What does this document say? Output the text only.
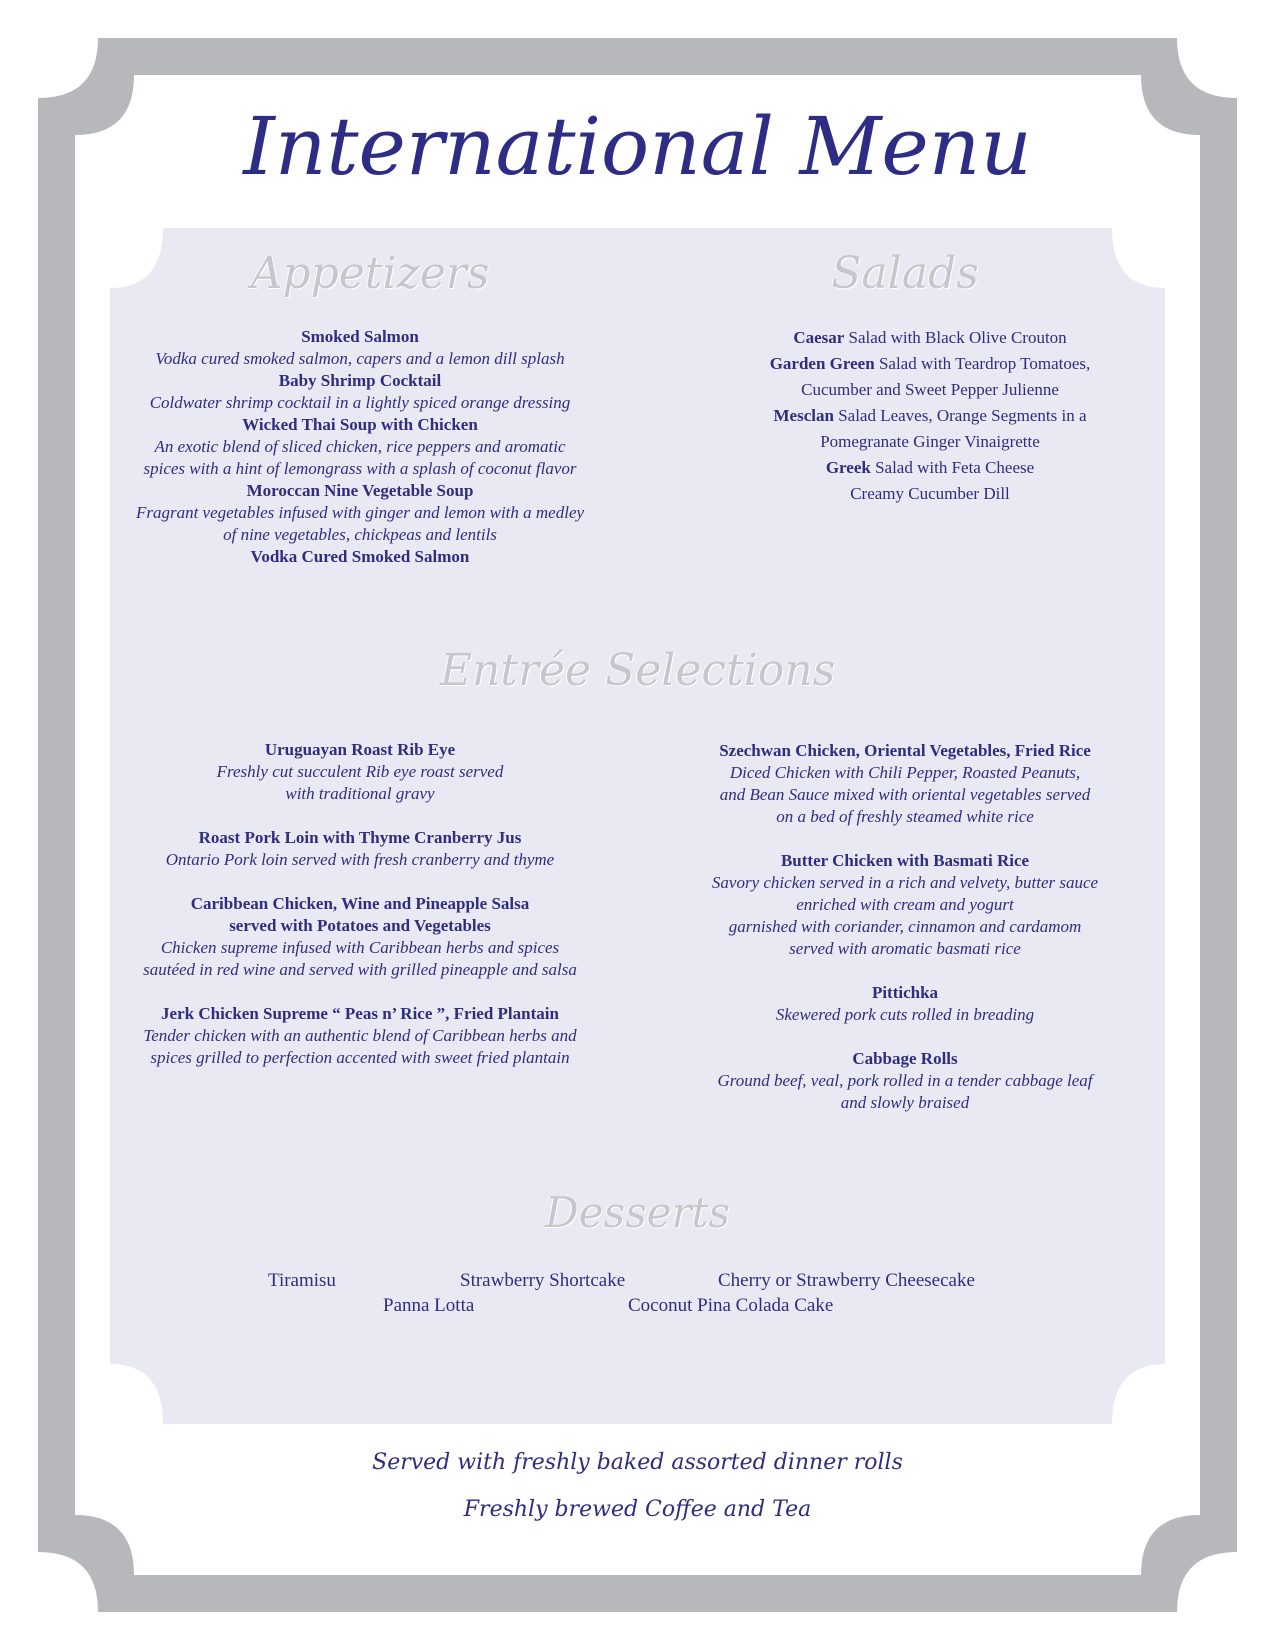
International Menu
Appetizers

Smoked Salmon

Vodka cured smoked salmon, capers and a lemon dill splash

Baby Shrimp Cocktail

Coldwater shrimp cocktail in a lightly spiced orange dressing

Wicked Thai Soup with Chicken

An exotic blend of sliced chicken, rice peppers and aromatic

spices with a hint of lemongrass with a splash of coconut flavor

Moroccan Nine Vegetable Soup

Fragrant vegetables infused with ginger and lemon with a medley

of nine vegetables, chickpeas and lentils

Vodka Cured Smoked Salmon

Salads

Caesar Salad with Black Olive Crouton

Garden Green Salad with Teardrop Tomatoes,

Cucumber and Sweet Pepper Julienne

Mesclan Salad Leaves, Orange Segments in a

Pomegranate Ginger Vinaigrette

Greek Salad with Feta Cheese

Creamy Cucumber Dill

Entrée Selections

Uruguayan Roast Rib Eye

Freshly cut succulent Rib eye roast served

with traditional gravy

Roast Pork Loin with Thyme Cranberry Jus

Ontario Pork loin served with fresh cranberry and thyme

Caribbean Chicken, Wine and Pineapple Salsa

served with Potatoes and Vegetables

Chicken supreme infused with Caribbean herbs and spices

sautéed in red wine and served with grilled pineapple and salsa

Jerk Chicken Supreme “ Peas n’ Rice ”, Fried Plantain

Tender chicken with an authentic blend of Caribbean herbs and

spices grilled to perfection accented with sweet fried plantain

Szechwan Chicken, Oriental Vegetables, Fried Rice

Diced Chicken with Chili Pepper, Roasted Peanuts,

and Bean Sauce mixed with oriental vegetables served

on a bed of freshly steamed white rice

Butter Chicken with Basmati Rice

Savory chicken served in a rich and velvety, butter sauce

enriched with cream and yogurt

garnished with coriander, cinnamon and cardamom

served with aromatic basmati rice

Pittichka

Skewered pork cuts rolled in breading

Cabbage Rolls

Ground beef, veal, pork rolled in a tender cabbage leaf

and slowly braised

Desserts
Tiramisu	Strawberry Shortcake	Cherry or Strawberry Cheesecake
Panna Lotta	Coconut Pina Colada Cake
Served with freshly baked assorted dinner rolls
Freshly brewed Coffee and Tea
